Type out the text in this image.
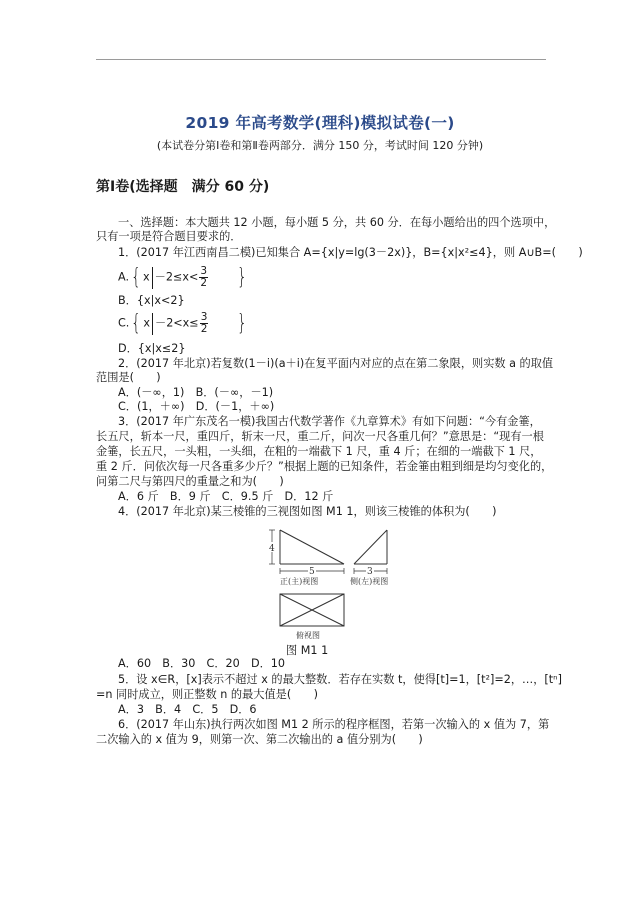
2019 年高考数学(理科)模拟试卷(一)
(本试卷分第Ⅰ卷和第Ⅱ卷两部分．满分 150 分，考试时间 120 分钟)
第Ⅰ卷(选择题　满分 60 分)
一、选择题：本大题共 12 小题，每小题 5 分，共 60 分．在每小题给出的四个选项中，
只有一项是符合题目要求的．
1．(2017 年江西南昌二模)已知集合 A={x|y=lg(3－2x)}，B={x|x²≤4}，则 A∪B=(　　)
A.{ $x -2\le x< \frac{3}{2}$ }
B．{x|x<2}
C.{ $x -2<x\le \frac{3}{2}$ }
D．{x|x≤2}
2．(2017 年北京)若复数(1－i)(a＋i)在复平面内对应的点在第二象限，则实数 a 的取值
范围是(　　)
A．(－∞，1)　B．(－∞，－1)
C．(1，＋∞)　D．(－1，＋∞)
3．(2017 年广东茂名一模)我国古代数学著作《九章算术》有如下问题：“今有金箠，
长五尺，斩本一尺，重四斤，斩末一尺，重二斤，问次一尺各重几何？”意思是：“现有一根
金箠，长五尺，一头粗，一头细，在粗的一端截下 1 尺，重 4 斤；在细的一端截下 1 尺，
重 2 斤．问依次每一尺各重多少斤？”根据上题的已知条件，若金箠由粗到细是均匀变化的，
问第二尺与第四尺的重量之和为(　　)
A．6 斤　B．9 斤　C．9.5 斤　D．12 斤
4．(2017 年北京)某三棱锥的三视图如图 M1 1，则该三棱锥的体积为(　　)
4
5
正(主)视图
3
侧(左)视图
俯视图
图 M1 1
A．60　B．30　C．20　D．10
5．设 x∈R，[x]表示不超过 x 的最大整数．若存在实数 t，使得[t]=1，[t²]=2，…，[tⁿ]
=n 同时成立，则正整数 n 的最大值是(　　)
A．3　B．4　C．5　D．6
6．(2017 年山东)执行两次如图 M1 2 所示的程序框图，若第一次输入的 x 值为 7，第
二次输入的 x 值为 9，则第一次、第二次输出的 a 值分别为(　　)
